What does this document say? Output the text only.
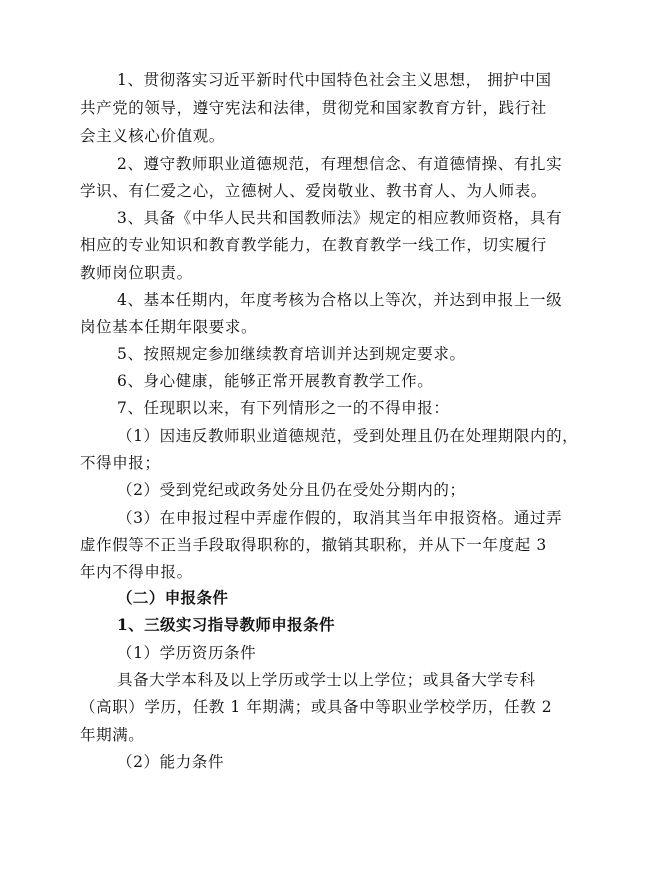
1、贯彻落实习近平新时代中国特色社会主义思想， 拥护中国
共产党的领导，遵守宪法和法律，贯彻党和国家教育方针，践行社
会主义核心价值观。
2、遵守教师职业道德规范，有理想信念、有道德情操、有扎实
学识、有仁爱之心，立德树人、爱岗敬业、教书育人、为人师表。
3、具备《中华人民共和国教师法》规定的相应教师资格，具有
相应的专业知识和教育教学能力，在教育教学一线工作，切实履行
教师岗位职责。
4、基本任期内，年度考核为合格以上等次，并达到申报上一级
岗位基本任期年限要求。
5、按照规定参加继续教育培训并达到规定要求。
6、身心健康，能够正常开展教育教学工作。
7、任现职以来，有下列情形之一的不得申报：
（1）因违反教师职业道德规范，受到处理且仍在处理期限内的，
不得申报；
（2）受到党纪或政务处分且仍在受处分期内的；
（3）在申报过程中弄虚作假的，取消其当年申报资格。通过弄
虚作假等不正当手段取得职称的，撤销其职称，并从下一年度起 3
年内不得申报。
（二）申报条件
1、三级实习指导教师申报条件
（1）学历资历条件
具备大学本科及以上学历或学士以上学位；或具备大学专科
（高职）学历，任教 1 年期满；或具备中等职业学校学历，任教 2
年期满。
（2）能力条件
